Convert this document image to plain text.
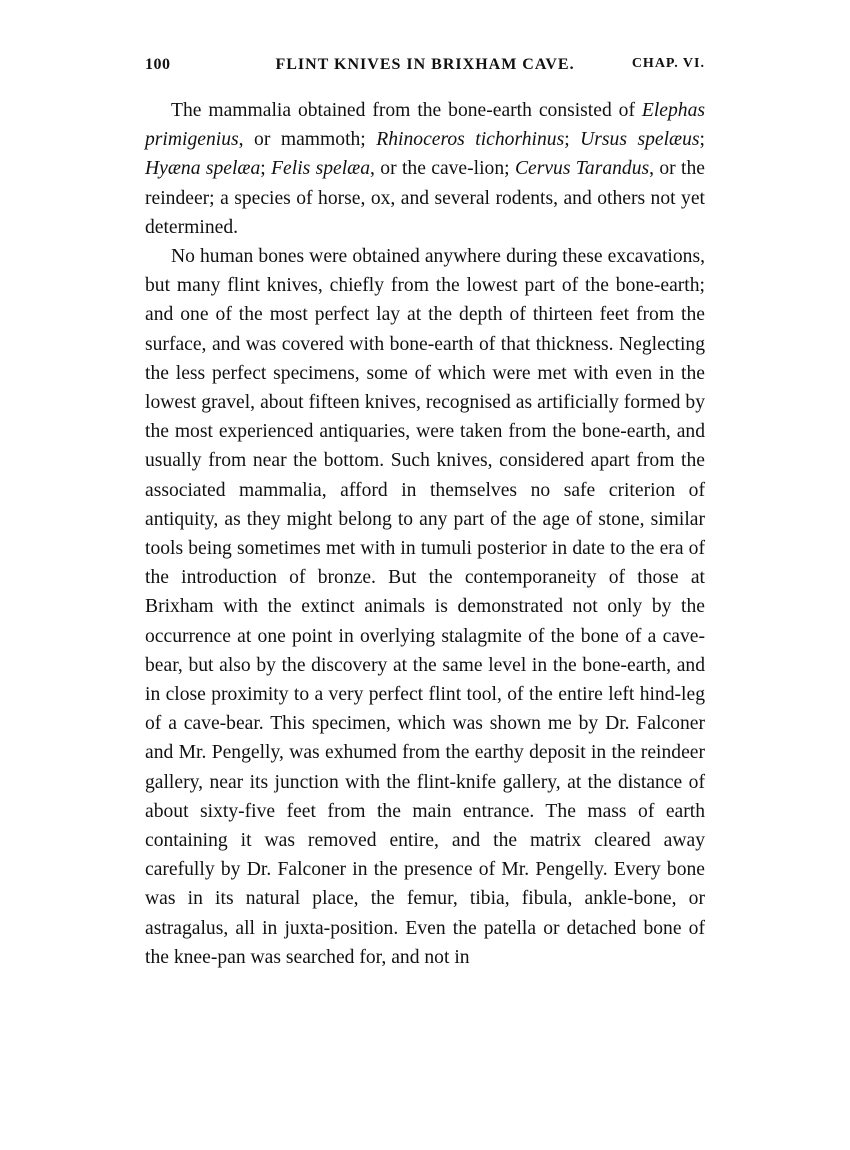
100	FLINT KNIVES IN BRIXHAM CAVE.	CHAP. VI.

The mammalia obtained from the bone-earth consisted of Elephas primigenius, or mammoth; Rhinoceros tichorhinus; Ursus spelæus; Hyæna spelæa; Felis spelæa, or the cave-lion; Cervus Tarandus, or the reindeer; a species of horse, ox, and several rodents, and others not yet determined.

No human bones were obtained anywhere during these excavations, but many flint knives, chiefly from the lowest part of the bone-earth; and one of the most perfect lay at the depth of thirteen feet from the surface, and was covered with bone-earth of that thickness. Neglecting the less perfect specimens, some of which were met with even in the lowest gravel, about fifteen knives, recognised as artificially formed by the most experienced antiquaries, were taken from the bone-earth, and usually from near the bottom. Such knives, considered apart from the associated mammalia, afford in themselves no safe criterion of antiquity, as they might belong to any part of the age of stone, similar tools being sometimes met with in tumuli posterior in date to the era of the introduction of bronze. But the contemporaneity of those at Brixham with the extinct animals is demonstrated not only by the occurrence at one point in overlying stalagmite of the bone of a cave-bear, but also by the discovery at the same level in the bone-earth, and in close proximity to a very perfect flint tool, of the entire left hind-leg of a cave-bear. This specimen, which was shown me by Dr. Falconer and Mr. Pengelly, was exhumed from the earthy deposit in the reindeer gallery, near its junction with the flint-knife gallery, at the distance of about sixty-five feet from the main entrance. The mass of earth containing it was removed entire, and the matrix cleared away carefully by Dr. Falconer in the presence of Mr. Pengelly. Every bone was in its natural place, the femur, tibia, fibula, ankle-bone, or astragalus, all in juxta-position. Even the patella or detached bone of the knee-pan was searched for, and not in
